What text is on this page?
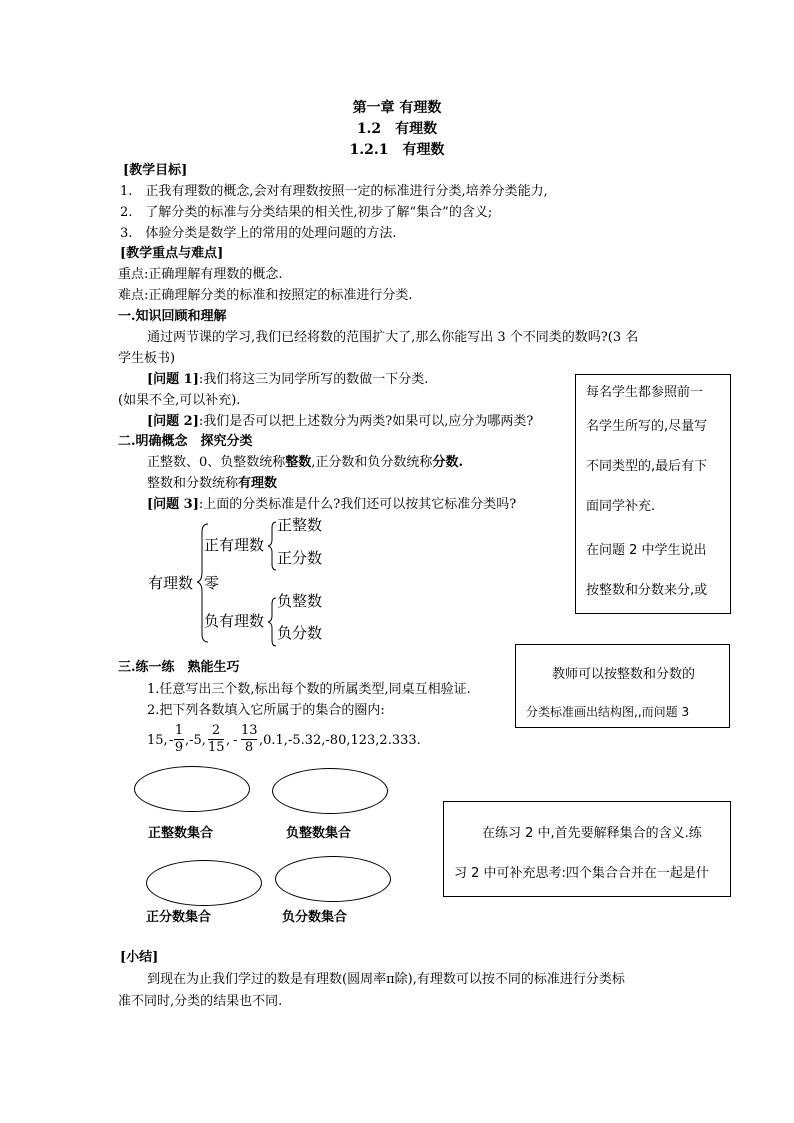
第一章 有理数
1.2　有理数
1.2.1　有理数
[教学目标]
1.　正我有理数的概念,会对有理数按照一定的标准进行分类,培养分类能力,
2.　了解分类的标准与分类结果的相关性,初步了解“集合”的含义;
3.　体验分类是数学上的常用的处理问题的方法.
[教学重点与难点]
重点:正确理解有理数的概念.
难点:正确理解分类的标准和按照定的标准进行分类.
一.知识回顾和理解
通过两节课的学习,我们已经将数的范围扩大了,那么你能写出 3 个不同类的数吗?(3 名
学生板书)
[问题 1]:我们将这三为同学所写的数做一下分类.
(如果不全,可以补充).
[问题 2]:我们是否可以把上述数分为两类?如果可以,应分为哪两类?
二.明确概念　探究分类
正整数、0、负整数统称整数,正分数和负分数统称分数.
整数和分数统称有理数
[问题 3]:上面的分类标准是什么?我们还可以按其它标准分类吗?
有理数
正有理数
正整数
正分数
零
负有理数
负整数
负分数
三.练一练　熟能生巧
1.任意写出三个数,标出每个数的所属类型,同桌互相验证.
2.把下列各数填入它所属于的集合的圈内:
15, -
1
9 ,-5,
2
15 , -
13
8 ,0.1,-5.32,-80,123,2.333.
正整数集合	负整数集合
正分数集合	负分数集合
[小结]
到现在为止我们学过的数是有理数(圆周率π除),有理数可以按不同的标准进行分类标
准不同时,分类的结果也不同.
每名学生都参照前一
名学生所写的,尽量写
不同类型的,最后有下
面同学补充.
在问题 2 中学生说出
按整数和分数来分,或
教师可以按整数和分数的
分类标准画出结构图,,而问题 3
在练习 2 中,首先要解释集合的含义.练
习 2 中可补充思考:四个集合合并在一起是什
